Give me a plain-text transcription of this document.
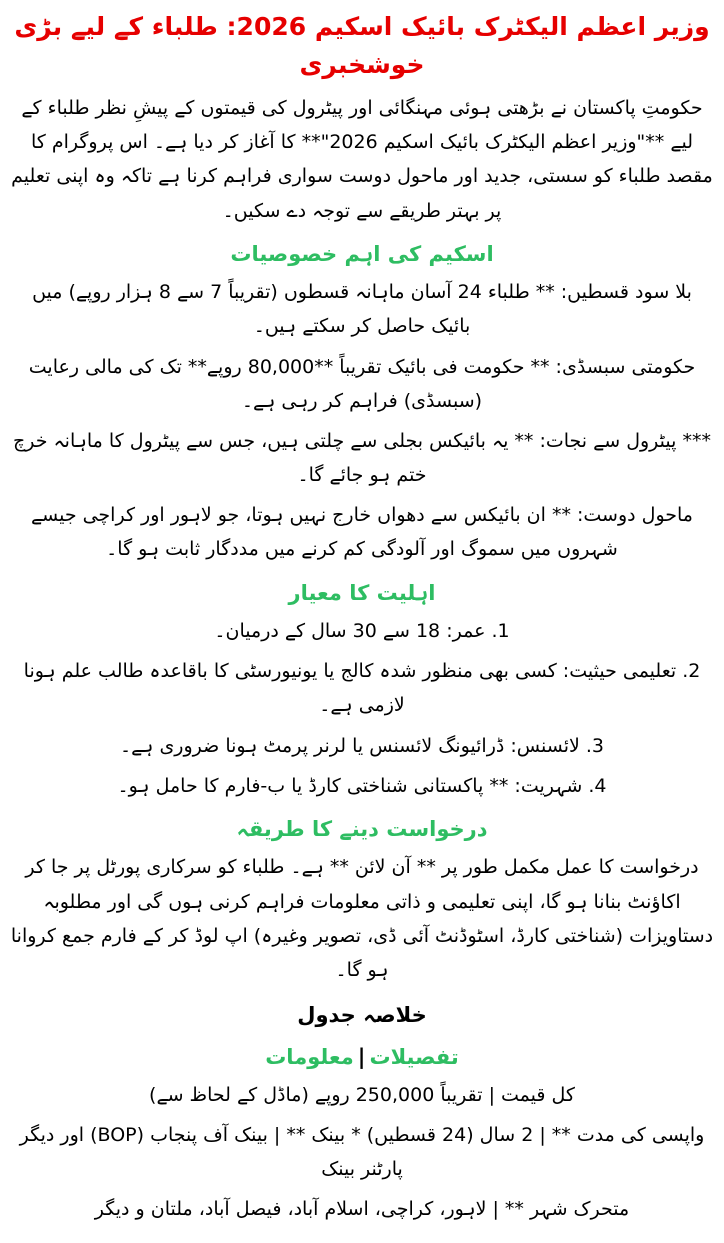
وزیر اعظم الیکٹرک بائیک اسکیم 2026: طلباء کے لیے بڑی خوشخبری

حکومتِ پاکستان نے بڑھتی ہوئی مہنگائی اور پیٹرول کی قیمتوں کے پیشِ نظر طلباء کے لیے **"وزیر اعظم الیکٹرک بائیک اسکیم 2026"** کا آغاز کر دیا ہے۔ اس پروگرام کا مقصد طلباء کو سستی، جدید اور ماحول دوست سواری فراہم کرنا ہے تاکہ وہ اپنی تعلیم پر بہتر طریقے سے توجہ دے سکیں۔

اسکیم کی اہم خصوصیات

بلا سود قسطیں: ** طلباء 24 آسان ماہانہ قسطوں (تقریباً 7 سے 8 ہزار روپے) میں بائیک حاصل کر سکتے ہیں۔

حکومتی سبسڈی: ** حکومت فی بائیک تقریباً **80,000 روپے** تک کی مالی رعایت (سبسڈی) فراہم کر رہی ہے۔

*** پیٹرول سے نجات: ** یہ بائیکس بجلی سے چلتی ہیں، جس سے پیٹرول کا ماہانہ خرچ ختم ہو جائے گا۔

ماحول دوست: ** ان بائیکس سے دھواں خارج نہیں ہوتا، جو لاہور اور کراچی جیسے شہروں میں سموگ اور آلودگی کم کرنے میں مددگار ثابت ہو گا۔

اہلیت کا معیار

1. عمر: 18 سے 30 سال کے درمیان۔

2. تعلیمی حیثیت: کسی بھی منظور شدہ کالج یا یونیورسٹی کا باقاعدہ طالب علم ہونا لازمی ہے۔

3. لائسنس: ڈرائیونگ لائسنس یا لرنر پرمٹ ہونا ضروری ہے۔

4. شہریت: ** پاکستانی شناختی کارڈ یا ب-فارم کا حامل ہو۔

درخواست دینے کا طریقہ

درخواست کا عمل مکمل طور پر ** آن لائن ** ہے۔ طلباء کو سرکاری پورٹل پر جا کر اکاؤنٹ بنانا ہو گا، اپنی تعلیمی و ذاتی معلومات فراہم کرنی ہوں گی اور مطلوبہ دستاویزات (شناختی کارڈ، اسٹوڈنٹ آئی ڈی، تصویر وغیرہ) اپ لوڈ کر کے فارم جمع کروانا ہو گا۔

خلاصہ جدول
تفصیلات|معلومات

کل قیمت | تقریباً 250,000 روپے (ماڈل کے لحاظ سے)

واپسی کی مدت ** | 2 سال (24 قسطیں) * بینک ** | بینک آف پنجاب (BOP) اور دیگر پارٹنر بینک

متحرک شہر ** | لاہور، کراچی، اسلام آباد، فیصل آباد، ملتان و دیگر
